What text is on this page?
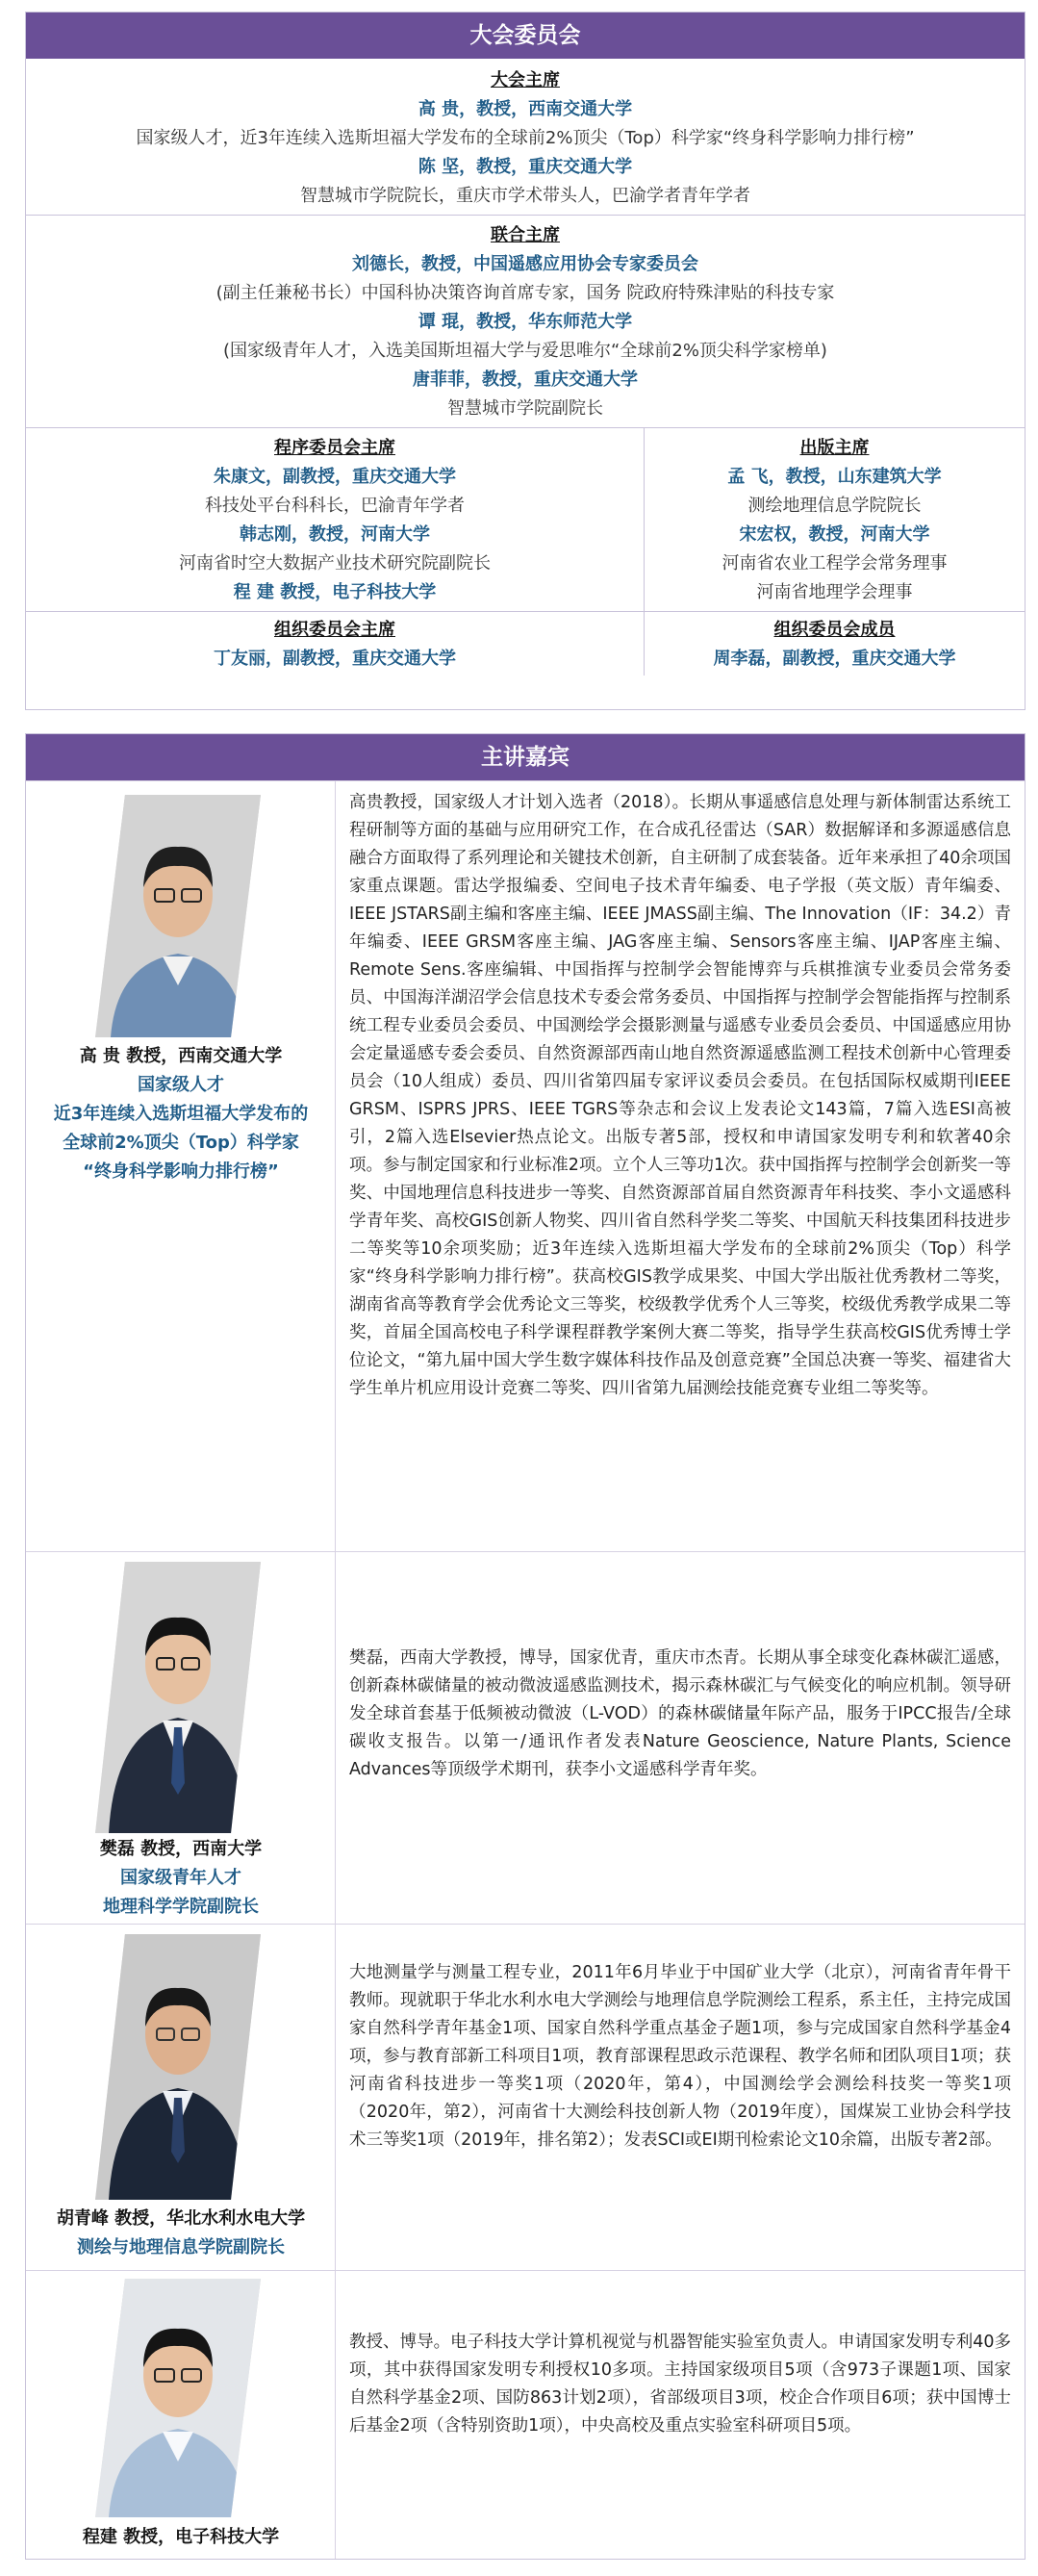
大会委员会
大会主席
高 贵，教授，西南交通大学
国家级人才，近3年连续入选斯坦福大学发布的全球前2%顶尖（Top）科学家“终身科学影响力排行榜”
陈 坚，教授，重庆交通大学
智慧城市学院院长，重庆市学术带头人，巴渝学者青年学者
联合主席
刘德长，教授，中国遥感应用协会专家委员会
(副主任兼秘书长）中国科协决策咨询首席专家，国务 院政府特殊津贴的科技专家
谭 琨，教授，华东师范大学
(国家级青年人才，入选美国斯坦福大学与爱思唯尔“全球前2%顶尖科学家榜单)
唐菲菲，教授，重庆交通大学
智慧城市学院副院长
程序委员会主席
朱康文，副教授，重庆交通大学
科技处平台科科长，巴渝青年学者
韩志刚，教授，河南大学
河南省时空大数据产业技术研究院副院长
程 建 教授，电子科技大学
出版主席
孟 飞，教授，山东建筑大学
测绘地理信息学院院长
宋宏权，教授，河南大学
河南省农业工程学会常务理事
河南省地理学会理事
组织委员会主席
丁友丽，副教授，重庆交通大学
组织委员会成员
周李磊，副教授，重庆交通大学
主讲嘉宾
高 贵 教授，西南交通大学
国家级人才
近3年连续入选斯坦福大学发布的
全球前2%顶尖（Top）科学家
“终身科学影响力排行榜”
高贵教授，国家级人才计划入选者（2018）。长期从事遥感信息处理与新体制雷达系统工程研制等方面的基础与应用研究工作，在合成孔径雷达（SAR）数据解译和多源遥感信息融合方面取得了系列理论和关键技术创新，自主研制了成套装备。近年来承担了40余项国家重点课题。雷达学报编委、空间电子技术青年编委、电子学报（英文版）青年编委、IEEE JSTARS副主编和客座主编、IEEE JMASS副主编、The Innovation（IF：34.2）青年编委、IEEE GRSM客座主编、JAG客座主编、Sensors客座主编、IJAP客座主编、Remote Sens.客座编辑、中国指挥与控制学会智能博弈与兵棋推演专业委员会常务委员、中国海洋湖沼学会信息技术专委会常务委员、中国指挥与控制学会智能指挥与控制系统工程专业委员会委员、中国测绘学会摄影测量与遥感专业委员会委员、中国遥感应用协会定量遥感专委会委员、自然资源部西南山地自然资源遥感监测工程技术创新中心管理委员会（10人组成）委员、四川省第四届专家评议委员会委员。在包括国际权威期刊IEEE GRSM、ISPRS JPRS、IEEE TGRS等杂志和会议上发表论文143篇，7篇入选ESI高被引，2篇入选Elsevier热点论文。出版专著5部，授权和申请国家发明专利和软著40余项。参与制定国家和行业标准2项。立个人三等功1次。获中国指挥与控制学会创新奖一等奖、中国地理信息科技进步一等奖、自然资源部首届自然资源青年科技奖、李小文遥感科学青年奖、高校GIS创新人物奖、四川省自然科学奖二等奖、中国航天科技集团科技进步二等奖等10余项奖励；近3年连续入选斯坦福大学发布的全球前2%顶尖（Top）科学家“终身科学影响力排行榜”。获高校GIS教学成果奖、中国大学出版社优秀教材二等奖，湖南省高等教育学会优秀论文三等奖，校级教学优秀个人三等奖，校级优秀教学成果二等奖，首届全国高校电子科学课程群教学案例大赛二等奖，指导学生获高校GIS优秀博士学位论文，“第九届中国大学生数字媒体科技作品及创意竞赛”全国总决赛一等奖、福建省大学生单片机应用设计竞赛二等奖、四川省第九届测绘技能竞赛专业组二等奖等。
樊磊 教授，西南大学
国家级青年人才
地理科学学院副院长
樊磊，西南大学教授，博导，国家优青，重庆市杰青。长期从事全球变化森林碳汇遥感，创新森林碳储量的被动微波遥感监测技术，揭示森林碳汇与气候变化的响应机制。领导研发全球首套基于低频被动微波（L-VOD）的森林碳储量年际产品，服务于IPCC报告/全球碳收支报告。以第一/通讯作者发表Nature Geoscience, Nature Plants, Science Advances等顶级学术期刊，获李小文遥感科学青年奖。
胡青峰 教授，华北水利水电大学
测绘与地理信息学院副院长
大地测量学与测量工程专业，2011年6月毕业于中国矿业大学（北京），河南省青年骨干教师。现就职于华北水利水电大学测绘与地理信息学院测绘工程系，系主任，主持完成国家自然科学青年基金1项、国家自然科学重点基金子题1项，参与完成国家自然科学基金4项，参与教育部新工科项目1项，教育部课程思政示范课程、教学名师和团队项目1项；获河南省科技进步一等奖1项（2020年，第4），中国测绘学会测绘科技奖一等奖1项（2020年，第2），河南省十大测绘科技创新人物（2019年度），国煤炭工业协会科学技术三等奖1项（2019年，排名第2）；发表SCI或EI期刊检索论文10余篇，出版专著2部。
程建 教授，电子科技大学
教授、博导。电子科技大学计算机视觉与机器智能实验室负责人。申请国家发明专利40多项，其中获得国家发明专利授权10多项。主持国家级项目5项（含973子课题1项、国家自然科学基金2项、国防863计划2项），省部级项目3项，校企合作项目6项；获中国博士后基金2项（含特别资助1项），中央高校及重点实验室科研项目5项。
